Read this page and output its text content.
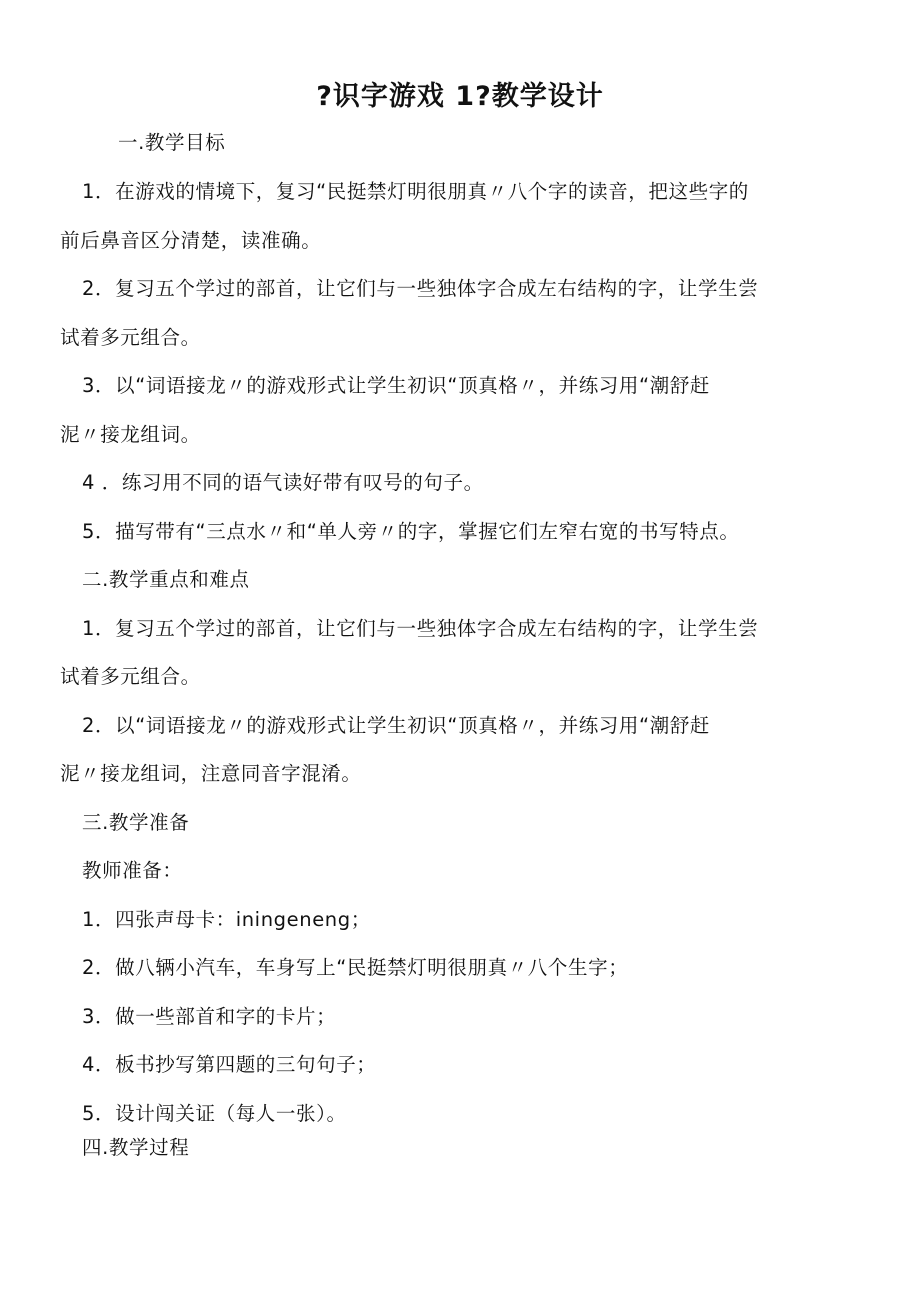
?识字游戏 1?教学设计
一.教学目标
1．在游戏的情境下，复习“民挺禁灯明很朋真〃八个字的读音，把这些字的
前后鼻音区分清楚，读准确。
2．复习五个学过的部首，让它们与一些独体字合成左右结构的字，让学生尝
试着多元组合。
3．以“词语接龙〃的游戏形式让学生初识“顶真格〃，并练习用“潮舒赶
泥〃接龙组词。
4 ．练习用不同的语气读好带有叹号的句子。
5．描写带有“三点水〃和“单人旁〃的字，掌握它们左窄右宽的书写特点。
二.教学重点和难点
1．复习五个学过的部首，让它们与一些独体字合成左右结构的字，让学生尝
试着多元组合。
2．以“词语接龙〃的游戏形式让学生初识“顶真格〃，并练习用“潮舒赶
泥〃接龙组词，注意同音字混淆。
三.教学准备
教师准备：
1．四张声母卡：iningeneng；
2．做八辆小汽车，车身写上“民挺禁灯明很朋真〃八个生字；
3．做一些部首和字的卡片；
4．板书抄写第四题的三句句子；
5．设计闯关证（每人一张）。
四.教学过程
